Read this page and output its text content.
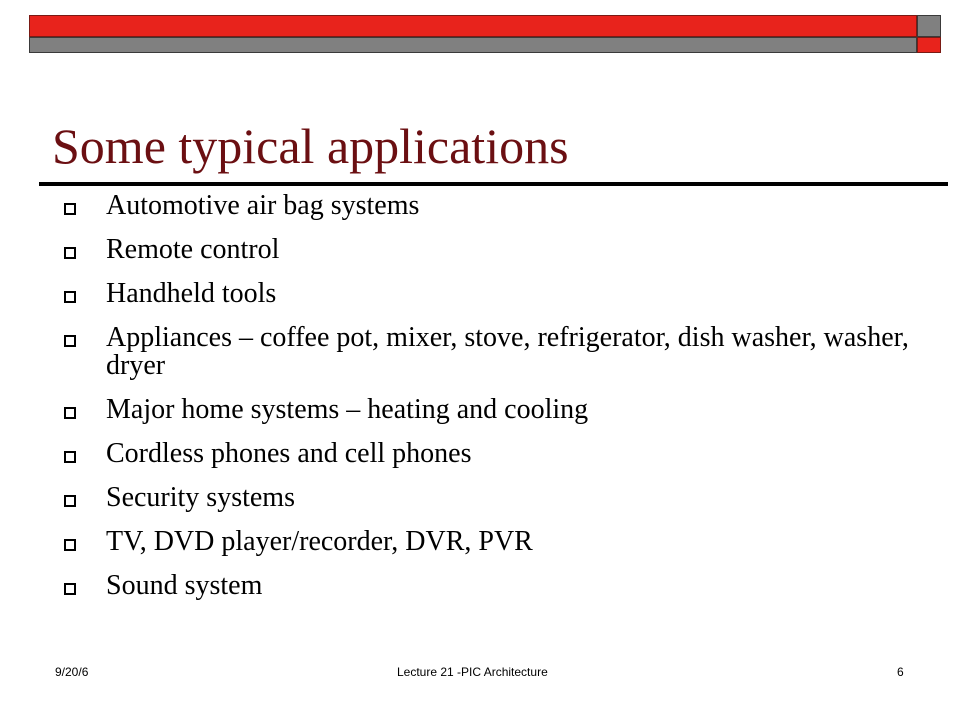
Some typical applications
Automotive air bag systems
Remote control
Handheld tools
Appliances – coffee pot, mixer, stove, refrigerator, dish washer, washer, dryer
Major home systems – heating and cooling
Cordless phones and cell phones
Security systems
TV, DVD player/recorder, DVR, PVR
Sound system
9/20/6	Lecture 21 -PIC Architecture	6
